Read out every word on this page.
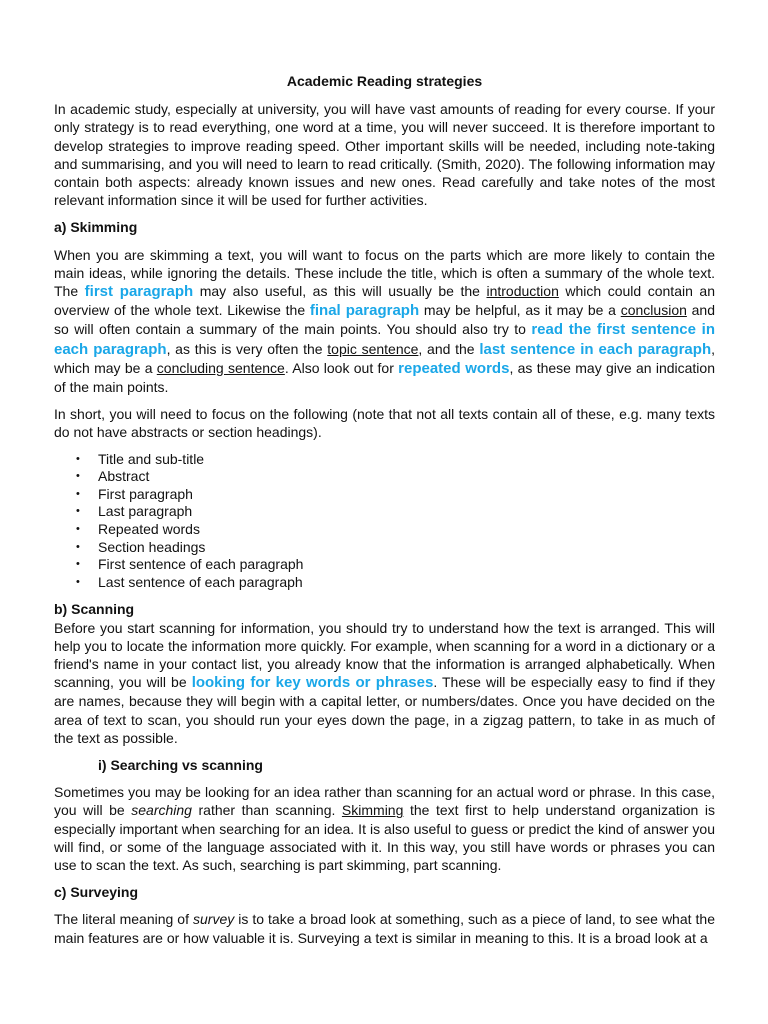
Academic Reading strategies

In academic study, especially at university, you will have vast amounts of reading for every course. If your only strategy is to read everything, one word at a time, you will never succeed. It is therefore important to develop strategies to improve reading speed. Other important skills will be needed, including note-taking and summarising, and you will need to learn to read critically. (Smith, 2020). The following information may contain both aspects: already known issues and new ones. Read carefully and take notes of the most relevant information since it will be used for further activities.

a) Skimming

When you are skimming a text, you will want to focus on the parts which are more likely to contain the main ideas, while ignoring the details. These include the title, which is often a summary of the whole text. The first paragraph may also useful, as this will usually be the introduction which could contain an overview of the whole text. Likewise the final paragraph may be helpful, as it may be a conclusion and so will often contain a summary of the main points. You should also try to read the first sentence in each paragraph, as this is very often the topic sentence, and the last sentence in each paragraph, which may be a concluding sentence. Also look out for repeated words, as these may give an indication of the main points.

In short, you will need to focus on the following (note that not all texts contain all of these, e.g. many texts do not have abstracts or section headings).

• Title and sub-title
• Abstract
• First paragraph
• Last paragraph
• Repeated words
• Section headings
• First sentence of each paragraph
• Last sentence of each paragraph
b) Scanning

Before you start scanning for information, you should try to understand how the text is arranged. This will help you to locate the information more quickly. For example, when scanning for a word in a dictionary or a friend's name in your contact list, you already know that the information is arranged alphabetically. When scanning, you will be looking for key words or phrases. These will be especially easy to find if they are names, because they will begin with a capital letter, or numbers/dates. Once you have decided on the area of text to scan, you should run your eyes down the page, in a zigzag pattern, to take in as much of the text as possible.

i) Searching vs scanning

Sometimes you may be looking for an idea rather than scanning for an actual word or phrase. In this case, you will be searching rather than scanning. Skimming the text first to help understand organization is especially important when searching for an idea. It is also useful to guess or predict the kind of answer you will find, or some of the language associated with it. In this way, you still have words or phrases you can use to scan the text. As such, searching is part skimming, part scanning.

c) Surveying

The literal meaning of survey is to take a broad look at something, such as a piece of land, to see what the main features are or how valuable it is. Surveying a text is similar in meaning to this. It is a broad look at a
